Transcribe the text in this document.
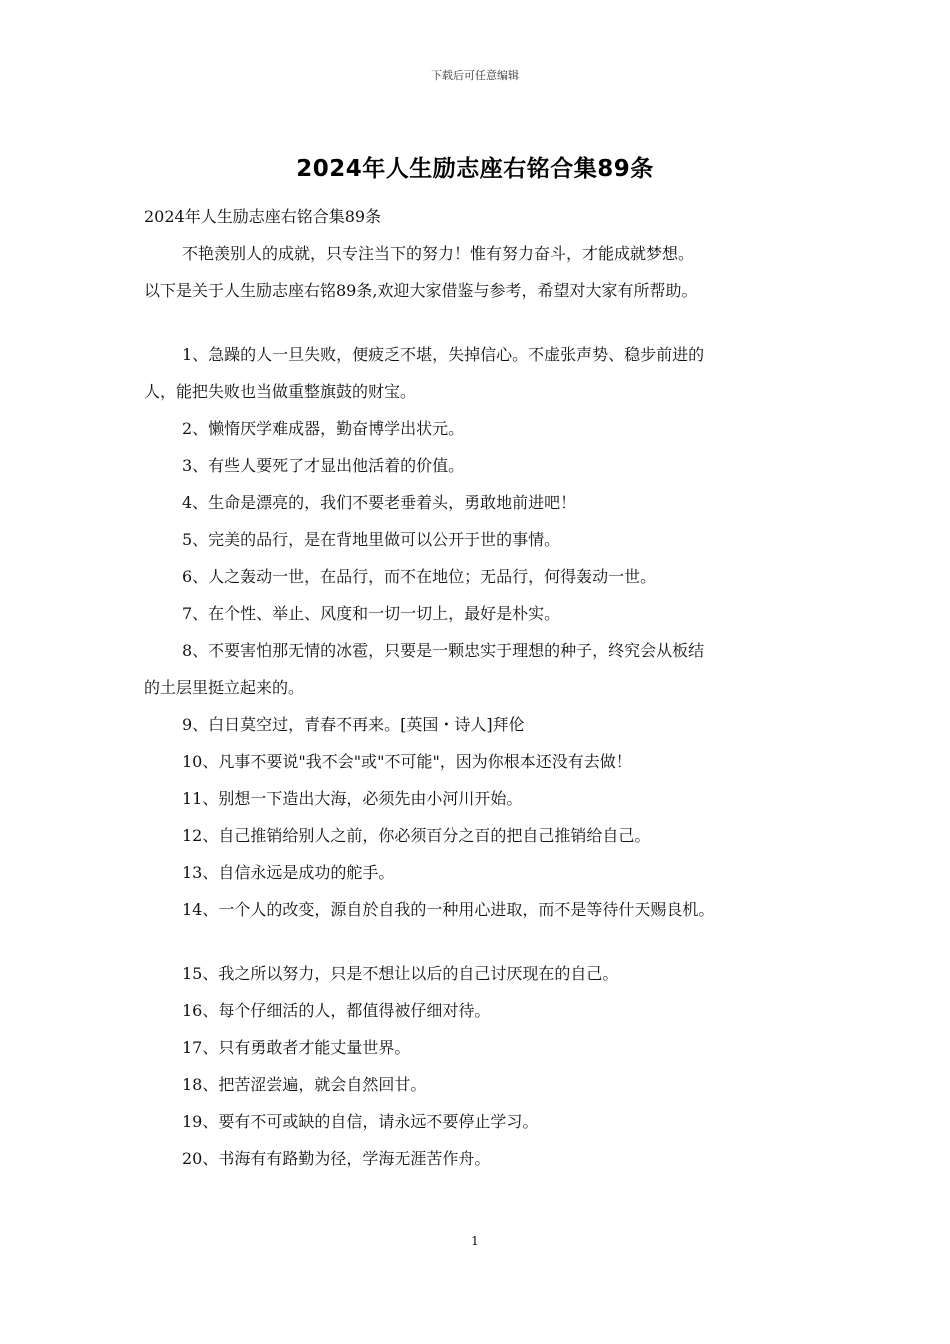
下载后可任意编辑
2024年人生励志座右铭合集89条
2024年人生励志座右铭合集89条
不艳羡别人的成就，只专注当下的努力！惟有努力奋斗，才能成就梦想。
以下是关于人生励志座右铭89条,欢迎大家借鉴与参考，希望对大家有所帮助。
1、急躁的人一旦失败，便疲乏不堪，失掉信心。不虚张声势、稳步前进的
人，能把失败也当做重整旗鼓的财宝。
2、懒惰厌学难成器，勤奋博学出状元。
3、有些人要死了才显出他活着的价值。
4、生命是漂亮的，我们不要老垂着头，勇敢地前进吧！
5、完美的品行，是在背地里做可以公开于世的事情。
6、人之轰动一世，在品行，而不在地位；无品行，何得轰动一世。
7、在个性、举止、风度和一切一切上，最好是朴实。
8、不要害怕那无情的冰雹，只要是一颗忠实于理想的种子，终究会从板结
的土层里挺立起来的。
9、白日莫空过，青春不再来。[英国・诗人]拜伦
10、凡事不要说"我不会"或"不可能"，因为你根本还没有去做！
11、别想一下造出大海，必须先由小河川开始。
12、自己推销给别人之前，你必须百分之百的把自己推销给自己。
13、自信永远是成功的舵手。
14、一个人的改变，源自於自我的一种用心进取，而不是等待什天赐良机。
15、我之所以努力，只是不想让以后的自己讨厌现在的自己。
16、每个仔细活的人，都值得被仔细对待。
17、只有勇敢者才能丈量世界。
18、把苦涩尝遍，就会自然回甘。
19、要有不可或缺的自信，请永远不要停止学习。
20、书海有有路勤为径，学海无涯苦作舟。
1
